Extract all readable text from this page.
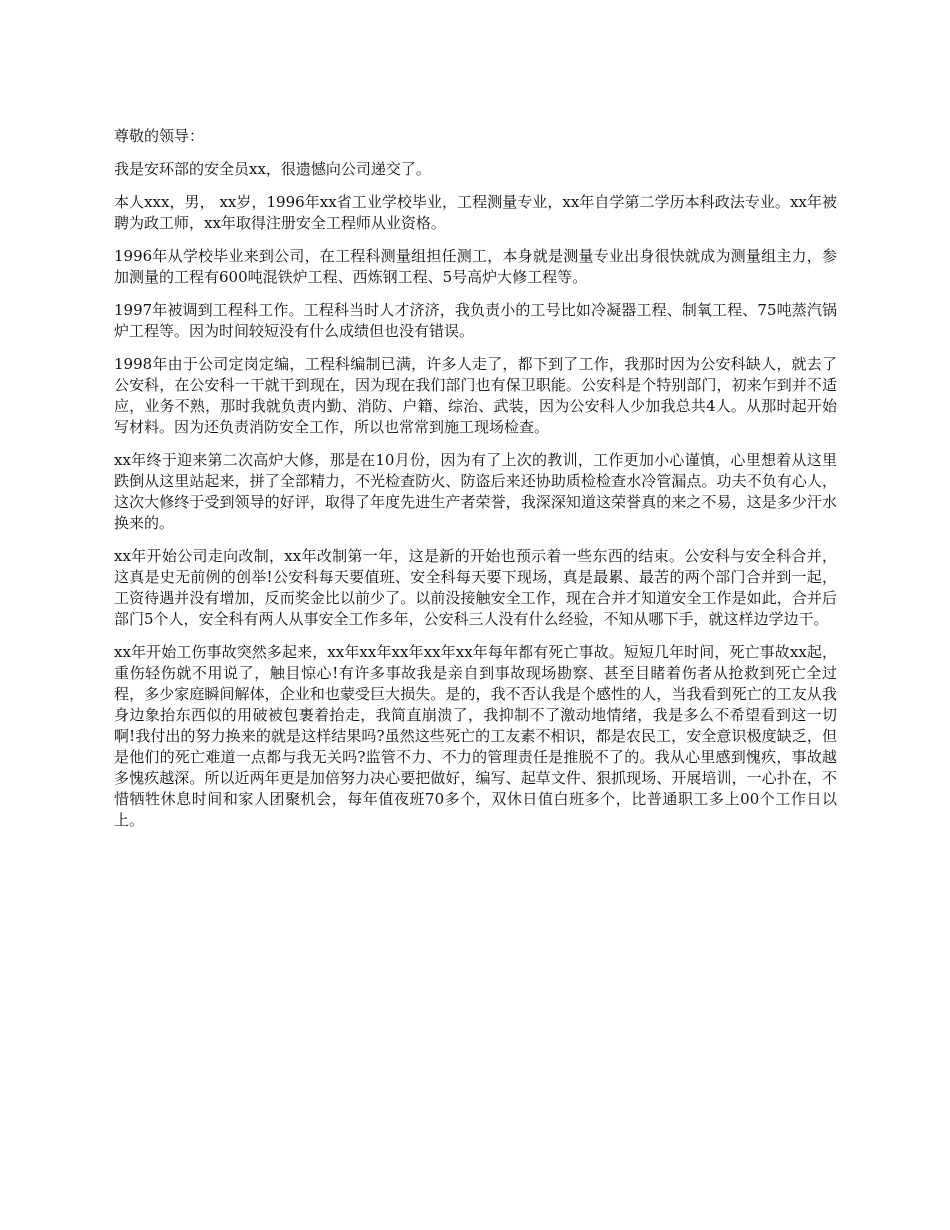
尊敬的领导：

我是安环部的安全员xx，很遗憾向公司递交了。

本人xxx，男， xx岁，1996年xx省工业学校毕业，工程测量专业，xx年自学第二学历本科政法专业。xx年被聘为政工师，xx年取得注册安全工程师从业资格。

1996年从学校毕业来到公司，在工程科测量组担任测工，本身就是测量专业出身很快就成为测量组主力，参加测量的工程有600吨混铁炉工程、西炼钢工程、5号高炉大修工程等。

1997年被调到工程科工作。工程科当时人才济济，我负责小的工号比如冷凝器工程、制氧工程、75吨蒸汽锅炉工程等。因为时间较短没有什么成绩但也没有错误。

1998年由于公司定岗定编，工程科编制已满，许多人走了，都下到了工作，我那时因为公安科缺人，就去了公安科，在公安科一干就干到现在，因为现在我们部门也有保卫职能。公安科是个特别部门，初来乍到并不适应，业务不熟，那时我就负责内勤、消防、户籍、综治、武装，因为公安科人少加我总共4人。从那时起开始写材料。因为还负责消防安全工作，所以也常常到施工现场检查。

xx年终于迎来第二次高炉大修，那是在10月份，因为有了上次的教训，工作更加小心谨慎，心里想着从这里跌倒从这里站起来，拼了全部精力，不光检查防火、防盗后来还协助质检检查水冷管漏点。功夫不负有心人，这次大修终于受到领导的好评，取得了年度先进生产者荣誉，我深深知道这荣誉真的来之不易，这是多少汗水换来的。

xx年开始公司走向改制，xx年改制第一年，这是新的开始也预示着一些东西的结束。公安科与安全科合并，这真是史无前例的创举!公安科每天要值班、安全科每天要下现场，真是最累、最苦的两个部门合并到一起，工资待遇并没有增加，反而奖金比以前少了。以前没接触安全工作，现在合并才知道安全工作是如此，合并后部门5个人，安全科有两人从事安全工作多年，公安科三人没有什么经验，不知从哪下手，就这样边学边干。

xx年开始工伤事故突然多起来，xx年xx年xx年xx年xx年每年都有死亡事故。短短几年时间，死亡事故xx起，重伤轻伤就不用说了，触目惊心!有许多事故我是亲自到事故现场勘察、甚至目睹着伤者从抢救到死亡全过程，多少家庭瞬间解体，企业和也蒙受巨大损失。是的，我不否认我是个感性的人，当我看到死亡的工友从我身边象抬东西似的用破被包裹着抬走，我简直崩溃了，我抑制不了激动地情绪，我是多么不希望看到这一切啊!我付出的努力换来的就是这样结果吗?虽然这些死亡的工友素不相识，都是农民工，安全意识极度缺乏，但是他们的死亡难道一点都与我无关吗?监管不力、不力的管理责任是推脱不了的。我从心里感到愧疚，事故越多愧疚越深。所以近两年更是加倍努力决心要把做好，编写、起草文件、狠抓现场、开展培训，一心扑在，不惜牺牲休息时间和家人团聚机会，每年值夜班70多个，双休日值白班多个，比普通职工多上00个工作日以上。
